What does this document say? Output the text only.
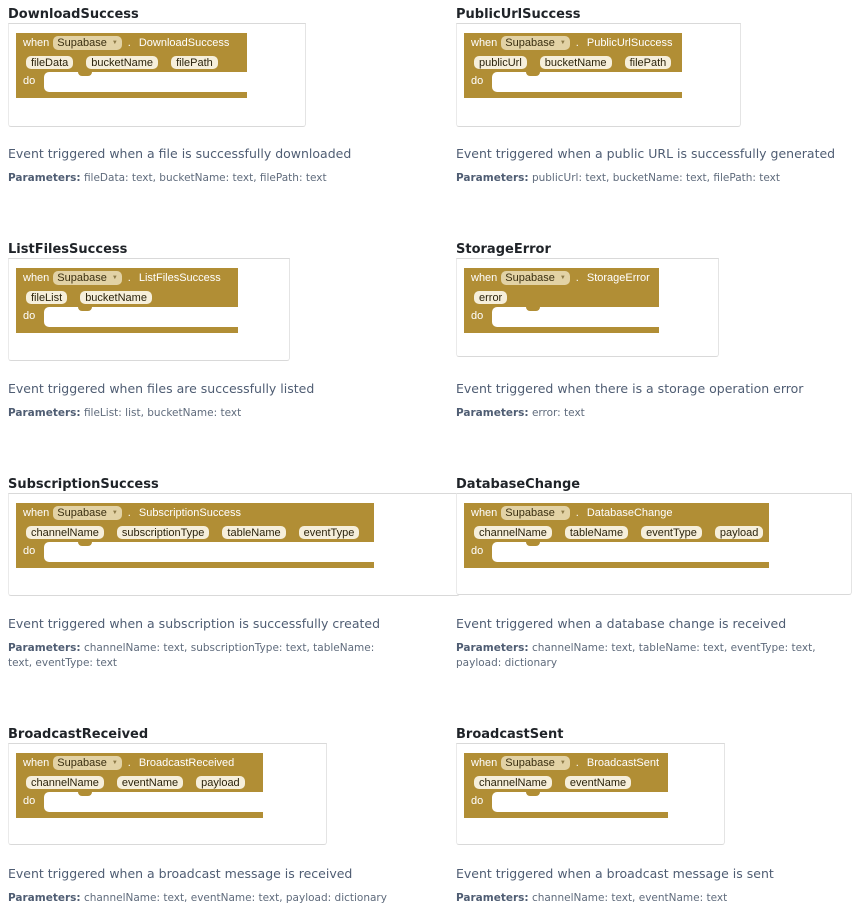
DownloadSuccess
when Supabase ▼ . DownloadSuccess
fileData	bucketName	filePath
do
Event triggered when a file is successfully downloaded
Parameters: fileData: text, bucketName: text, filePath: text
PublicUrlSuccess
when Supabase ▼ . PublicUrlSuccess
publicUrl	bucketName	filePath
do
Event triggered when a public URL is successfully generated
Parameters: publicUrl: text, bucketName: text, filePath: text
ListFilesSuccess
when Supabase ▼ . ListFilesSuccess
fileList	bucketName
do
Event triggered when files are successfully listed
Parameters: fileList: list, bucketName: text
StorageError
when Supabase ▼ . StorageError
error
do
Event triggered when there is a storage operation error
Parameters: error: text
SubscriptionSuccess
when Supabase ▼ . SubscriptionSuccess
channelName	subscriptionType	tableName	eventType
do
Event triggered when a subscription is successfully created
Parameters: channelName: text, subscriptionType: text, tableName: text, eventType: text
DatabaseChange
when Supabase ▼ . DatabaseChange
channelName	tableName	eventType	payload
do
Event triggered when a database change is received
Parameters: channelName: text, tableName: text, eventType: text, payload: dictionary
BroadcastReceived
when Supabase ▼ . BroadcastReceived
channelName	eventName	payload
do
Event triggered when a broadcast message is received
Parameters: channelName: text, eventName: text, payload: dictionary
BroadcastSent
when Supabase ▼ . BroadcastSent
channelName	eventName
do
Event triggered when a broadcast message is sent
Parameters: channelName: text, eventName: text
